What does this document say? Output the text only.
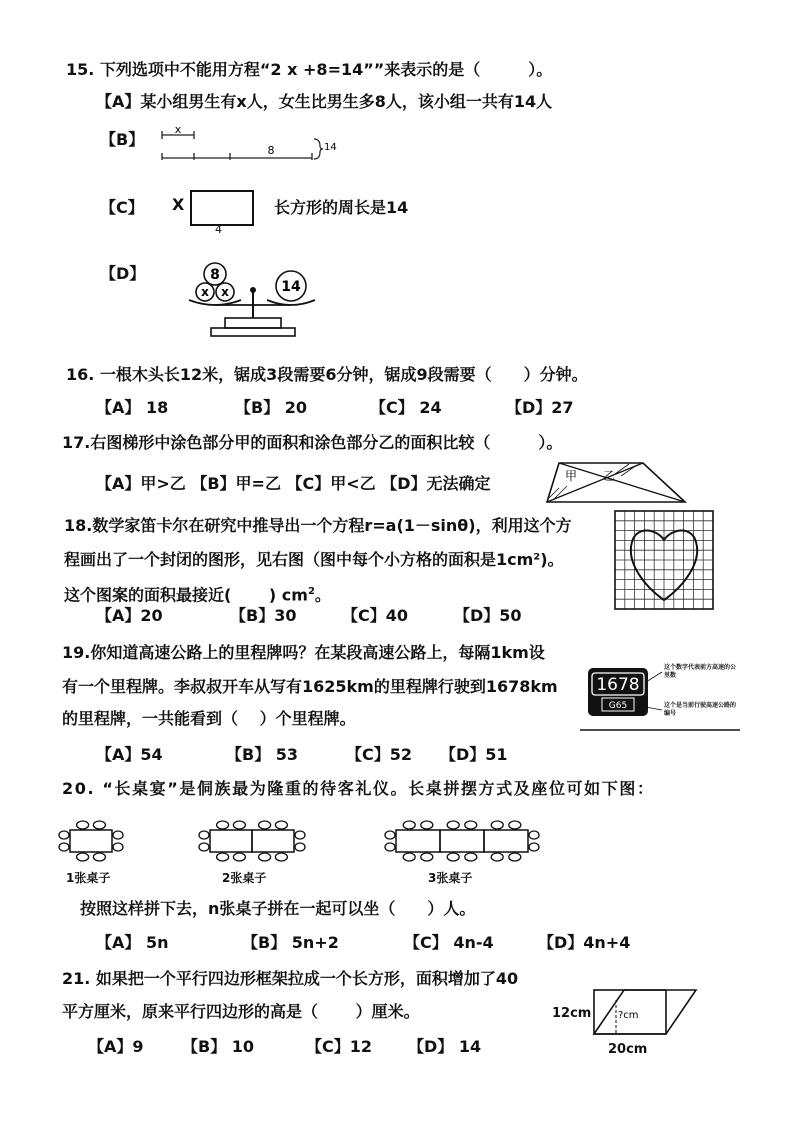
15. 下列选项中不能用方程“2 x +8=14””来表示的是（　　　）。
【A】某小组男生有x人，女生比男生多8人，该小组一共有14人
【B】
x
8	14
【C】 X
4
长方形的周长是14
【D】	8
x x	14
16. 一根木头长12米，锯成3段需要6分钟，锯成9段需要（　　）分钟。
【A】 18	【B】 20	【C】 24	【D】27
17.右图梯形中涂色部分甲的面积和涂色部分乙的面积比较（　　　）。
【A】甲>乙 【B】甲=乙 【C】甲<乙 【D】无法确定	甲 乙
18.数学家笛卡尔在研究中推导出一个方程r=a(1－sinθ)，利用这个方
程画出了一个封闭的图形，见右图（图中每个小方格的面积是1cm²)。
这个图案的面积最接近(　　 ) $cm^2$。
【A】20	【B】30	【C】40	【D】50
19.你知道高速公路上的里程牌吗？在某段高速公路上，每隔1km设
有一个里程牌。李叔叔开车从写有1625km的里程牌行驶到1678km
的里程牌，一共能看到（　 ）个里程牌。
【A】54	【B】 53	【C】52 【D】51
1678
G65
这个数字代表前方高速的公里数
这个是当前行驶高速公路的编号
20. “长桌宴”是侗族最为隆重的待客礼仪。长桌拼摆方式及座位可如下图：
1张桌子	2张桌子	3张桌子
按照这样拼下去，n张桌子拼在一起可以坐（　　）人。
【A】 5n	【B】 5n+2	【C】 4n-4	【D】4n+4
21. 如果把一个平行四边形框架拉成一个长方形，面积增加了40
平方厘米，原来平行四边形的高是（　　 ）厘米。
【A】9 【B】 10	【C】12 【D】 14
12cm	?cm
20cm
